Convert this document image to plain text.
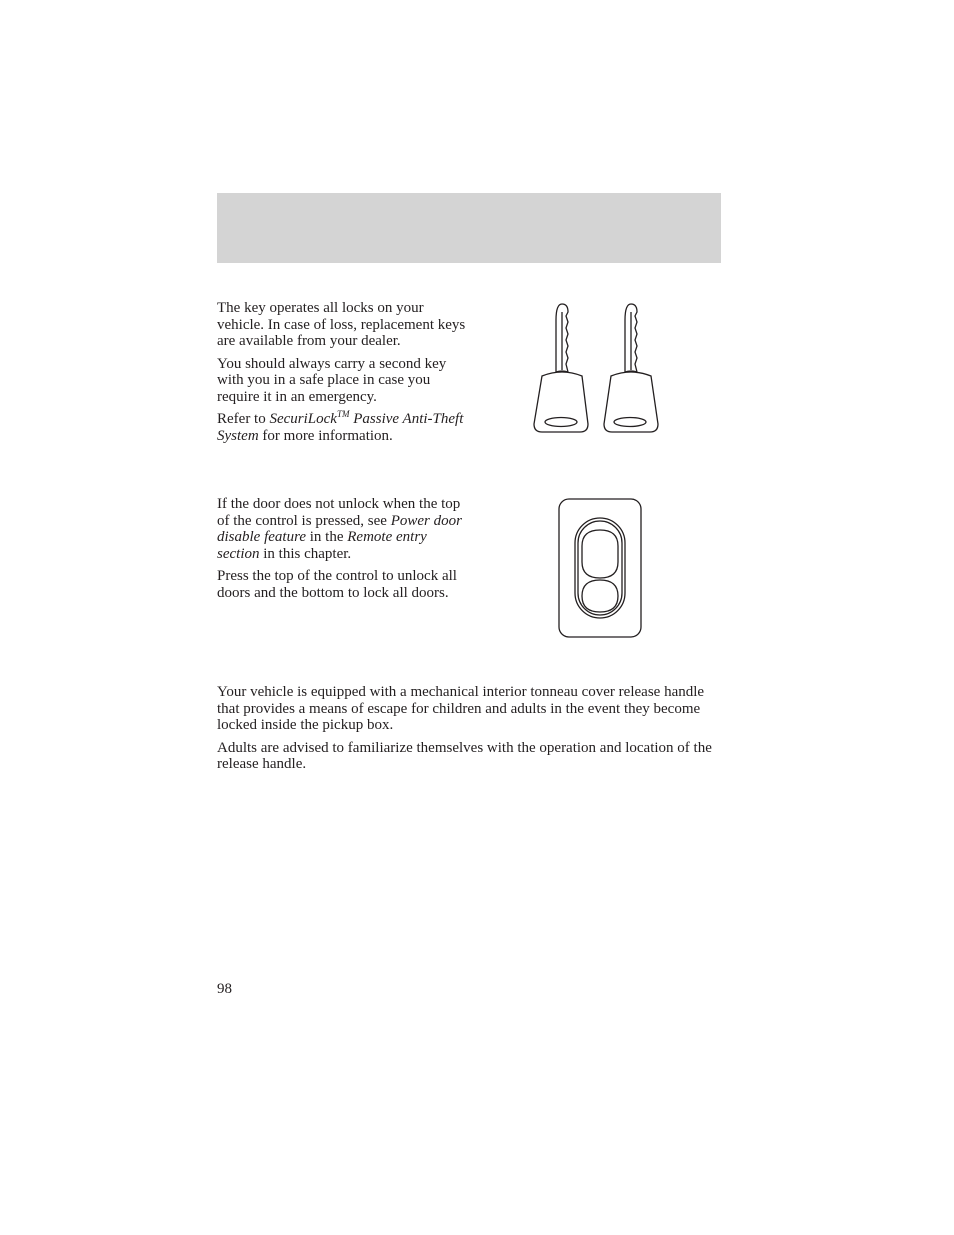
The key operates all locks on your vehicle. In case of loss, replacement keys are available from your dealer.

You should always carry a second key with you in a safe place in case you require it in an emergency.

Refer to SecuriLock™ Passive Anti-Theft System for more information.

If the door does not unlock when the top of the control is pressed, see Power door disable feature in the Remote entry section in this chapter.

Press the top of the control to unlock all doors and the bottom to lock all doors.

Your vehicle is equipped with a mechanical interior tonneau cover release handle that provides a means of escape for children and adults in the event they become locked inside the pickup box.

Adults are advised to familiarize themselves with the operation and location of the release handle.

98
